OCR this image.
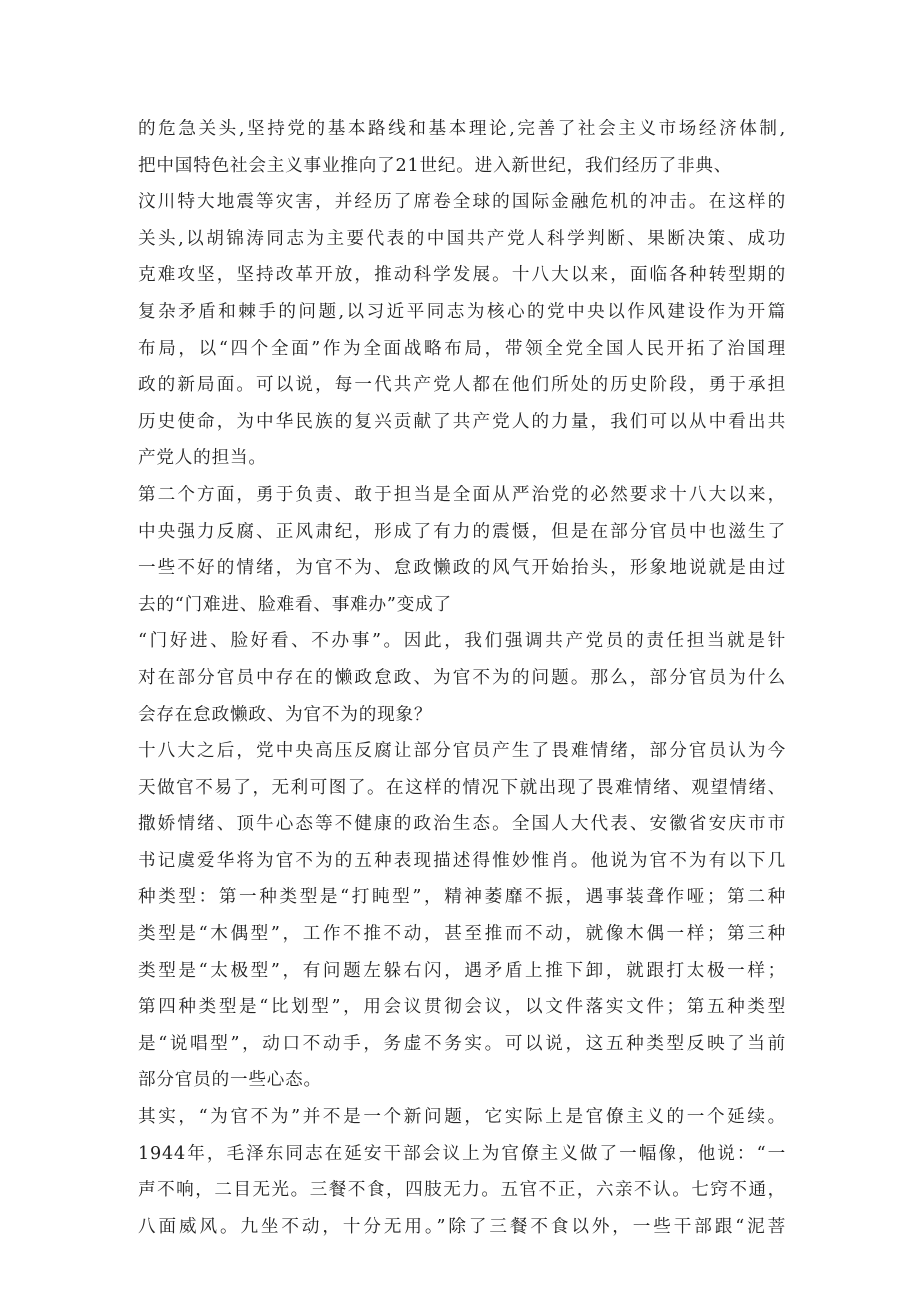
的危急关头,坚持党的基本路线和基本理论,完善了社会主义市场经济体制,
把中国特色社会主义事业推向了21世纪。进入新世纪，我们经历了非典、
汶川特大地震等灾害，并经历了席卷全球的国际金融危机的冲击。在这样的
关头,以胡锦涛同志为主要代表的中国共产党人科学判断、果断决策、成功
克难攻坚，坚持改革开放，推动科学发展。十八大以来，面临各种转型期的
复杂矛盾和棘手的问题,以习近平同志为核心的党中央以作风建设作为开篇
布局，以“四个全面”作为全面战略布局，带领全党全国人民开拓了治国理
政的新局面。可以说，每一代共产党人都在他们所处的历史阶段，勇于承担
历史使命，为中华民族的复兴贡献了共产党人的力量，我们可以从中看出共
产党人的担当。
第二个方面，勇于负责、敢于担当是全面从严治党的必然要求十八大以来，
中央强力反腐、正风肃纪，形成了有力的震慑，但是在部分官员中也滋生了
一些不好的情绪，为官不为、怠政懒政的风气开始抬头，形象地说就是由过
去的“门难进、脸难看、事难办”变成了
“门好进、脸好看、不办事”。因此，我们强调共产党员的责任担当就是针
对在部分官员中存在的懒政怠政、为官不为的问题。那么，部分官员为什么
会存在怠政懒政、为官不为的现象？
十八大之后，党中央高压反腐让部分官员产生了畏难情绪，部分官员认为今
天做官不易了，无利可图了。在这样的情况下就出现了畏难情绪、观望情绪、
撒娇情绪、顶牛心态等不健康的政治生态。全国人大代表、安徽省安庆市市
书记虞爱华将为官不为的五种表现描述得惟妙惟肖。他说为官不为有以下几
种类型：第一种类型是“打盹型”，精神萎靡不振，遇事装聋作哑；第二种
类型是“木偶型”，工作不推不动，甚至推而不动，就像木偶一样；第三种
类型是“太极型”，有问题左躲右闪，遇矛盾上推下卸，就跟打太极一样；
第四种类型是“比划型”，用会议贯彻会议，以文件落实文件；第五种类型
是“说唱型”，动口不动手，务虚不务实。可以说，这五种类型反映了当前
部分官员的一些心态。
其实，“为官不为”并不是一个新问题，它实际上是官僚主义的一个延续。
1944年，毛泽东同志在延安干部会议上为官僚主义做了一幅像，他说：“一
声不响，二目无光。三餐不食，四肢无力。五官不正，六亲不认。七窍不通，
八面威风。九坐不动，十分无用。”除了三餐不食以外，一些干部跟“泥菩
